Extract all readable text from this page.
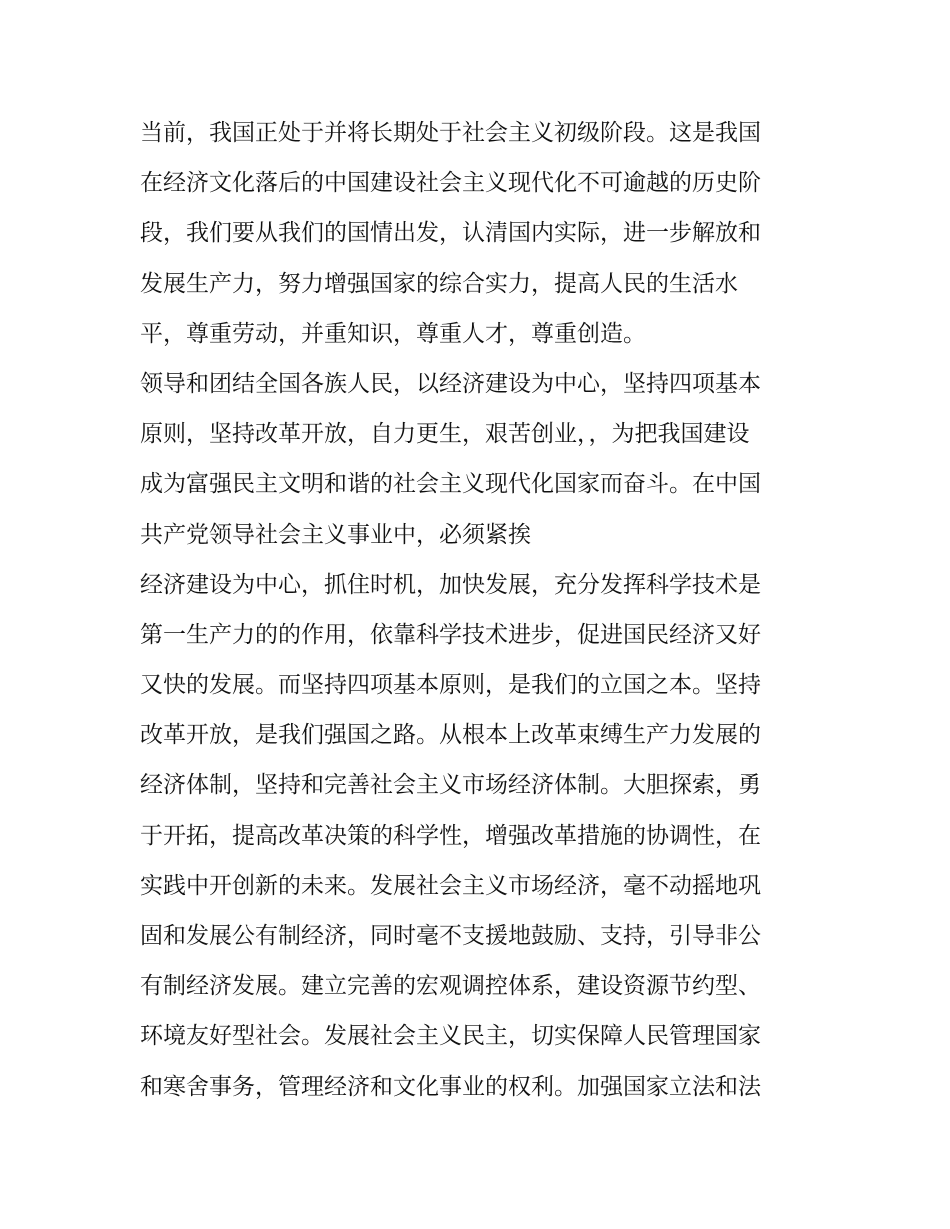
当前，我国正处于并将长期处于社会主义初级阶段。这是我国
在经济文化落后的中国建设社会主义现代化不可逾越的历史阶
段，我们要从我们的国情出发，认清国内实际，进一步解放和
发展生产力，努力增强国家的综合实力，提高人民的生活水
平，尊重劳动，并重知识，尊重人才，尊重创造。
领导和团结全国各族人民，以经济建设为中心，坚持四项基本
原则，坚持改革开放，自力更生，艰苦创业，，为把我国建设
成为富强民主文明和谐的社会主义现代化国家而奋斗。在中国
共产党领导社会主义事业中，必须紧挨
经济建设为中心，抓住时机，加快发展，充分发挥科学技术是
第一生产力的的作用，依靠科学技术进步，促进国民经济又好
又快的发展。而坚持四项基本原则，是我们的立国之本。坚持
改革开放，是我们强国之路。从根本上改革束缚生产力发展的
经济体制，坚持和完善社会主义市场经济体制。大胆探索，勇
于开拓，提高改革决策的科学性，增强改革措施的协调性，在
实践中开创新的未来。发展社会主义市场经济，毫不动摇地巩
固和发展公有制经济，同时毫不支援地鼓励、支持，引导非公
有制经济发展。建立完善的宏观调控体系，建设资源节约型、
环境友好型社会。发展社会主义民主，切实保障人民管理国家
和寒舍事务，管理经济和文化事业的权利。加强国家立法和法
